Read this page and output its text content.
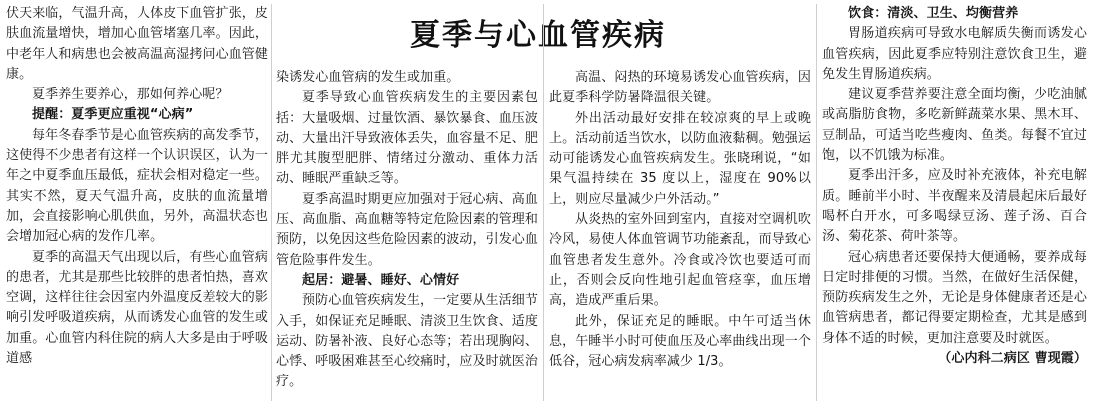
夏季与心血管疾病

伏天来临，气温升高，人体皮下血管扩张，皮肤血流量增快，增加心血管堵塞几率。因此，中老年人和病患也会被高温高湿拷问心血管健康。

夏季养生要养心，那如何养心呢？

提醒：夏季更应重视“心病”

每年冬春季节是心血管疾病的高发季节，这使得不少患者有这样一个认识误区，认为一年之中夏季血压最低，症状会相对稳定一些。其实不然，夏天气温升高，皮肤的血流量增加，会直接影响心肌供血，另外，高温状态也会增加冠心病的发作几率。

夏季的高温天气出现以后，有些心血管病的患者，尤其是那些比较胖的患者怕热，喜欢空调，这样往往会因室内外温度反差较大的影响引发呼吸道疾病，从而诱发心血管的发生或加重。心血管内科住院的病人大多是由于呼吸道感

染诱发心血管病的发生或加重。

夏季导致心血管疾病发生的主要因素包括：大量吸烟、过量饮酒、暴饮暴食、血压波动、大量出汗导致液体丢失，血容量不足、肥胖尤其腹型肥胖、情绪过分激动、重体力活动、睡眠严重缺乏等。

夏季高温时期更应加强对于冠心病、高血压、高血脂、高血糖等特定危险因素的管理和预防，以免因这些危险因素的波动，引发心血管危险事件发生。

起居：避暑、睡好、心情好

预防心血管疾病发生，一定要从生活细节入手，如保证充足睡眠、清淡卫生饮食、适度运动、防暑补液、良好心态等；若出现胸闷、心悸、呼吸困难甚至心绞痛时，应及时就医治疗。

高温、闷热的环境易诱发心血管疾病，因此夏季科学防暑降温很关键。

外出活动最好安排在较凉爽的早上或晚上。活动前适当饮水，以防血液黏稠。勉强运动可能诱发心血管疾病发生。张晓琍说，“如果气温持续在 35 度以上，湿度在 90%以上，则应尽量减少户外活动。”

从炎热的室外回到室内，直接对空调机吹冷风，易使人体血管调节功能紊乱，而导致心血管患者发生意外。冷食或冷饮也要适可而止，否则会反向性地引起血管痉挛，血压增高，造成严重后果。

此外，保证充足的睡眠。中午可适当休息，午睡半小时可使血压及心率曲线出现一个低谷，冠心病发病率减少 1/3。

饮食：清淡、卫生、均衡营养

胃肠道疾病可导致水电解质失衡而诱发心血管疾病，因此夏季应特别注意饮食卫生，避免发生胃肠道疾病。

建议夏季营养要注意全面均衡，少吃油腻或高脂肪食物，多吃新鲜蔬菜水果、黑木耳、豆制品，可适当吃些瘦肉、鱼类。每餐不宜过饱，以不饥饿为标准。

夏季出汗多，应及时补充液体，补充电解质。睡前半小时、半夜醒来及清晨起床后最好喝杯白开水，可多喝绿豆汤、莲子汤、百合汤、菊花茶、荷叶茶等。

冠心病患者还要保持大便通畅，要养成每日定时排便的习惯。当然，在做好生活保健，预防疾病发生之外，无论是身体健康者还是心血管病患者，都记得要定期检查，尤其是感到身体不适的时候，更加注意要及时就医。

（心内科二病区 曹现霞）
